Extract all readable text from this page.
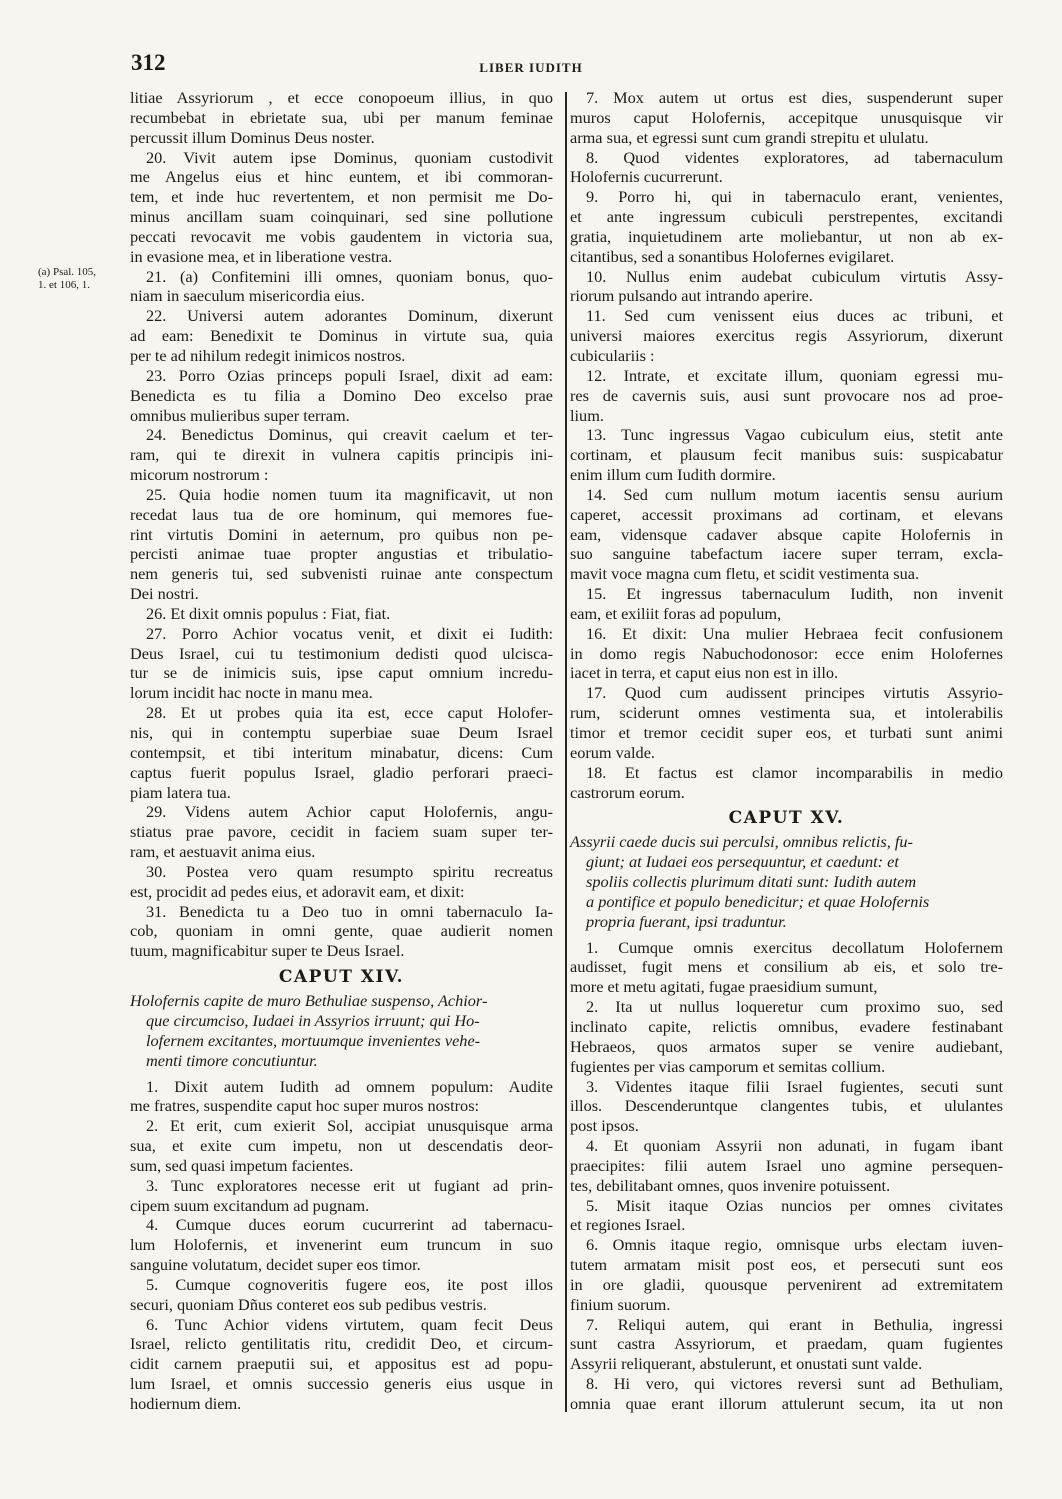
312	LIBER IUDITH
(a) Psal. 105,
1. et 106, 1.
litiae Assyriorum , et ecce conopoeum illius, in quo
recumbebat in ebrietate sua, ubi per manum feminae
percussit illum Dominus Deus noster.
20. Vivit autem ipse Dominus, quoniam custodivit
me Angelus eius et hinc euntem, et ibi commoran-
tem, et inde huc revertentem, et non permisit me Do-
minus ancillam suam coinquinari, sed sine pollutione
peccati revocavit me vobis gaudentem in victoria sua,
in evasione mea, et in liberatione vestra.
21. (a) Confitemini illi omnes, quoniam bonus, quo-
niam in saeculum misericordia eius.
22. Universi autem adorantes Dominum, dixerunt
ad eam: Benedixit te Dominus in virtute sua, quia
per te ad nihilum redegit inimicos nostros.
23. Porro Ozias princeps populi Israel, dixit ad eam:
Benedicta es tu filia a Domino Deo excelso prae
omnibus mulieribus super terram.
24. Benedictus Dominus, qui creavit caelum et ter-
ram, qui te direxit in vulnera capitis principis ini-
micorum nostrorum :
25. Quia hodie nomen tuum ita magnificavit, ut non
recedat laus tua de ore hominum, qui memores fue-
rint virtutis Domini in aeternum, pro quibus non pe-
percisti animae tuae propter angustias et tribulatio-
nem generis tui, sed subvenisti ruinae ante conspectum
Dei nostri.
26. Et dixit omnis populus : Fiat, fiat.
27. Porro Achior vocatus venit, et dixit ei Iudith:
Deus Israel, cui tu testimonium dedisti quod ulcisca-
tur se de inimicis suis, ipse caput omnium incredu-
lorum incidit hac nocte in manu mea.
28. Et ut probes quia ita est, ecce caput Holofer-
nis, qui in contemptu superbiae suae Deum Israel
contempsit, et tibi interitum minabatur, dicens: Cum
captus fuerit populus Israel, gladio perforari praeci-
piam latera tua.
29. Videns autem Achior caput Holofernis, angu-
stiatus prae pavore, cecidit in faciem suam super ter-
ram, et aestuavit anima eius.
30. Postea vero quam resumpto spiritu recreatus
est, procidit ad pedes eius, et adoravit eam, et dixit:
31. Benedicta tu a Deo tuo in omni tabernaculo Ia-
cob, quoniam in omni gente, quae audierit nomen
tuum, magnificabitur super te Deus Israel.
CAPUT XIV.
Holofernis capite de muro Bethuliae suspenso, Achior-
que circumciso, Iudaei in Assyrios irruunt; qui Ho-
lofernem excitantes, mortuumque invenientes vehe-
menti timore concutiuntur.
1. Dixit autem Iudith ad omnem populum: Audite
me fratres, suspendite caput hoc super muros nostros:
2. Et erit, cum exierit Sol, accipiat unusquisque arma
sua, et exite cum impetu, non ut descendatis deor-
sum, sed quasi impetum facientes.
3. Tunc exploratores necesse erit ut fugiant ad prin-
cipem suum excitandum ad pugnam.
4. Cumque duces eorum cucurrerint ad tabernacu-
lum Holofernis, et invenerint eum truncum in suo
sanguine volutatum, decidet super eos timor.
5. Cumque cognoveritis fugere eos, ite post illos
securi, quoniam Dñus conteret eos sub pedibus vestris.
6. Tunc Achior videns virtutem, quam fecit Deus
Israel, relicto gentilitatis ritu, credidit Deo, et circum-
cidit carnem praeputii sui, et appositus est ad popu-
lum Israel, et omnis successio generis eius usque in
hodiernum diem.
7. Mox autem ut ortus est dies, suspenderunt super
muros caput Holofernis, accepitque unusquisque vir
arma sua, et egressi sunt cum grandi strepitu et ululatu.
8. Quod videntes exploratores, ad tabernaculum
Holofernis cucurrerunt.
9. Porro hi, qui in tabernaculo erant, venientes,
et ante ingressum cubiculi perstrepentes, excitandi
gratia, inquietudinem arte moliebantur, ut non ab ex-
citantibus, sed a sonantibus Holofernes evigilaret.
10. Nullus enim audebat cubiculum virtutis Assy-
riorum pulsando aut intrando aperire.
11. Sed cum venissent eius duces ac tribuni, et
universi maiores exercitus regis Assyriorum, dixerunt
cubiculariis :
12. Intrate, et excitate illum, quoniam egressi mu-
res de cavernis suis, ausi sunt provocare nos ad proe-
lium.
13. Tunc ingressus Vagao cubiculum eius, stetit ante
cortinam, et plausum fecit manibus suis: suspicabatur
enim illum cum Iudith dormire.
14. Sed cum nullum motum iacentis sensu aurium
caperet, accessit proximans ad cortinam, et elevans
eam, vidensque cadaver absque capite Holofernis in
suo sanguine tabefactum iacere super terram, excla-
mavit voce magna cum fletu, et scidit vestimenta sua.
15. Et ingressus tabernaculum Iudith, non invenit
eam, et exiliit foras ad populum,
16. Et dixit: Una mulier Hebraea fecit confusionem
in domo regis Nabuchodonosor: ecce enim Holofernes
iacet in terra, et caput eius non est in illo.
17. Quod cum audissent principes virtutis Assyrio-
rum, sciderunt omnes vestimenta sua, et intolerabilis
timor et tremor cecidit super eos, et turbati sunt animi
eorum valde.
18. Et factus est clamor incomparabilis in medio
castrorum eorum.
CAPUT XV.
Assyrii caede ducis sui perculsi, omnibus relictis, fu-
giunt; at Iudaei eos persequuntur, et caedunt: et
spoliis collectis plurimum ditati sunt: Iudith autem
a pontifice et populo benedicitur; et quae Holofernis
propria fuerant, ipsi traduntur.
1. Cumque omnis exercitus decollatum Holofernem
audisset, fugit mens et consilium ab eis, et solo tre-
more et metu agitati, fugae praesidium sumunt,
2. Ita ut nullus loqueretur cum proximo suo, sed
inclinato capite, relictis omnibus, evadere festinabant
Hebraeos, quos armatos super se venire audiebant,
fugientes per vias camporum et semitas collium.
3. Videntes itaque filii Israel fugientes, secuti sunt
illos. Descenderuntque clangentes tubis, et ululantes
post ipsos.
4. Et quoniam Assyrii non adunati, in fugam ibant
praecipites: filii autem Israel uno agmine persequen-
tes, debilitabant omnes, quos invenire potuissent.
5. Misit itaque Ozias nuncios per omnes civitates
et regiones Israel.
6. Omnis itaque regio, omnisque urbs electam iuven-
tutem armatam misit post eos, et persecuti sunt eos
in ore gladii, quousque pervenirent ad extremitatem
finium suorum.
7. Reliqui autem, qui erant in Bethulia, ingressi
sunt castra Assyriorum, et praedam, quam fugientes
Assyrii reliquerant, abstulerunt, et onustati sunt valde.
8. Hi vero, qui victores reversi sunt ad Bethuliam,
omnia quae erant illorum attulerunt secum, ita ut non
